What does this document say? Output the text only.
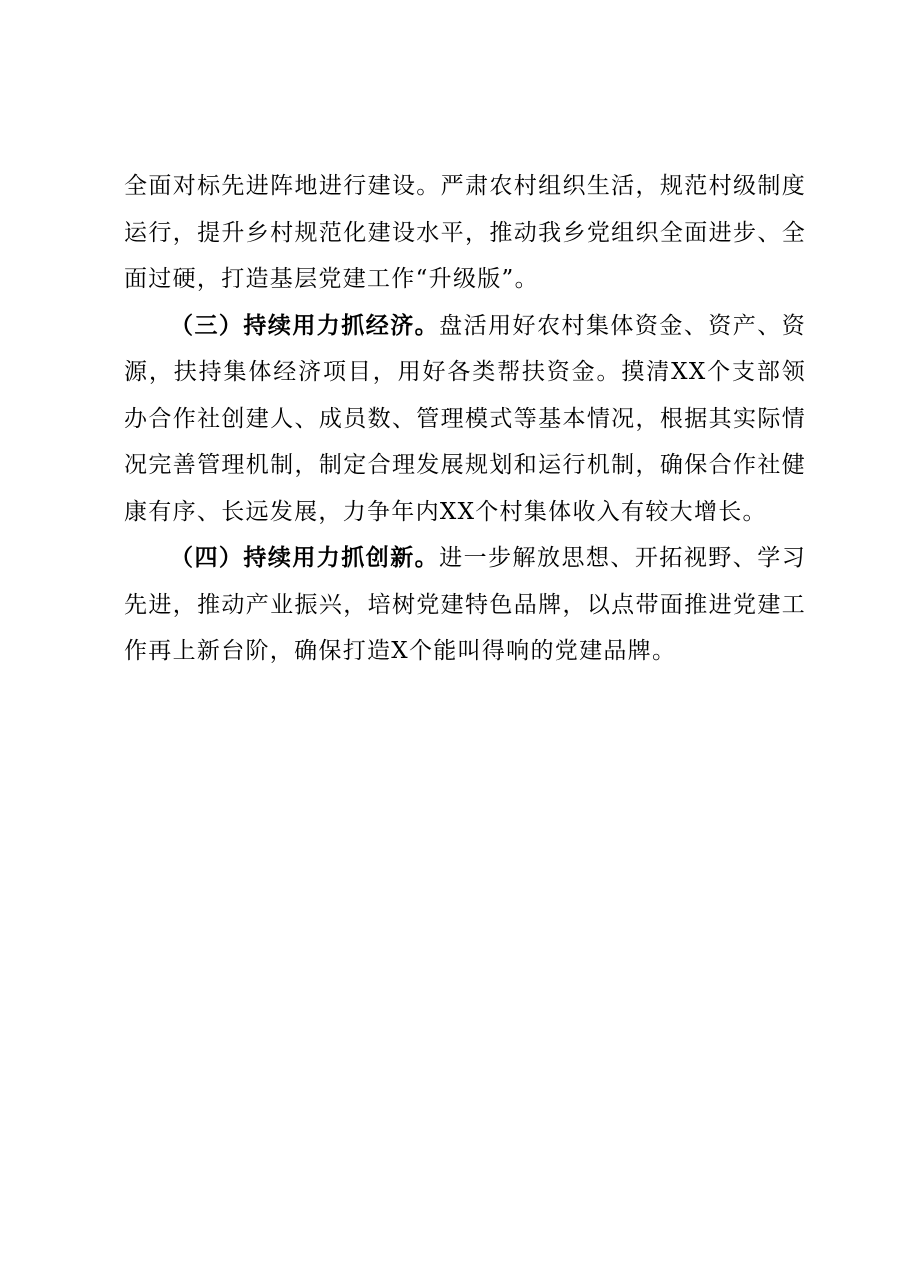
全面对标先进阵地进行建设。严肃农村组织生活，规范村级制度运行，提升乡村规范化建设水平，推动我乡党组织全面进步、全面过硬，打造基层党建工作“升级版”。

（三）持续用力抓经济。盘活用好农村集体资金、资产、资源，扶持集体经济项目，用好各类帮扶资金。摸清XX个支部领办合作社创建人、成员数、管理模式等基本情况，根据其实际情况完善管理机制，制定合理发展规划和运行机制，确保合作社健康有序、长远发展，力争年内XX个村集体收入有较大增长。

（四）持续用力抓创新。进一步解放思想、开拓视野、学习先进，推动产业振兴，培树党建特色品牌，以点带面推进党建工作再上新台阶，确保打造X个能叫得响的党建品牌。
